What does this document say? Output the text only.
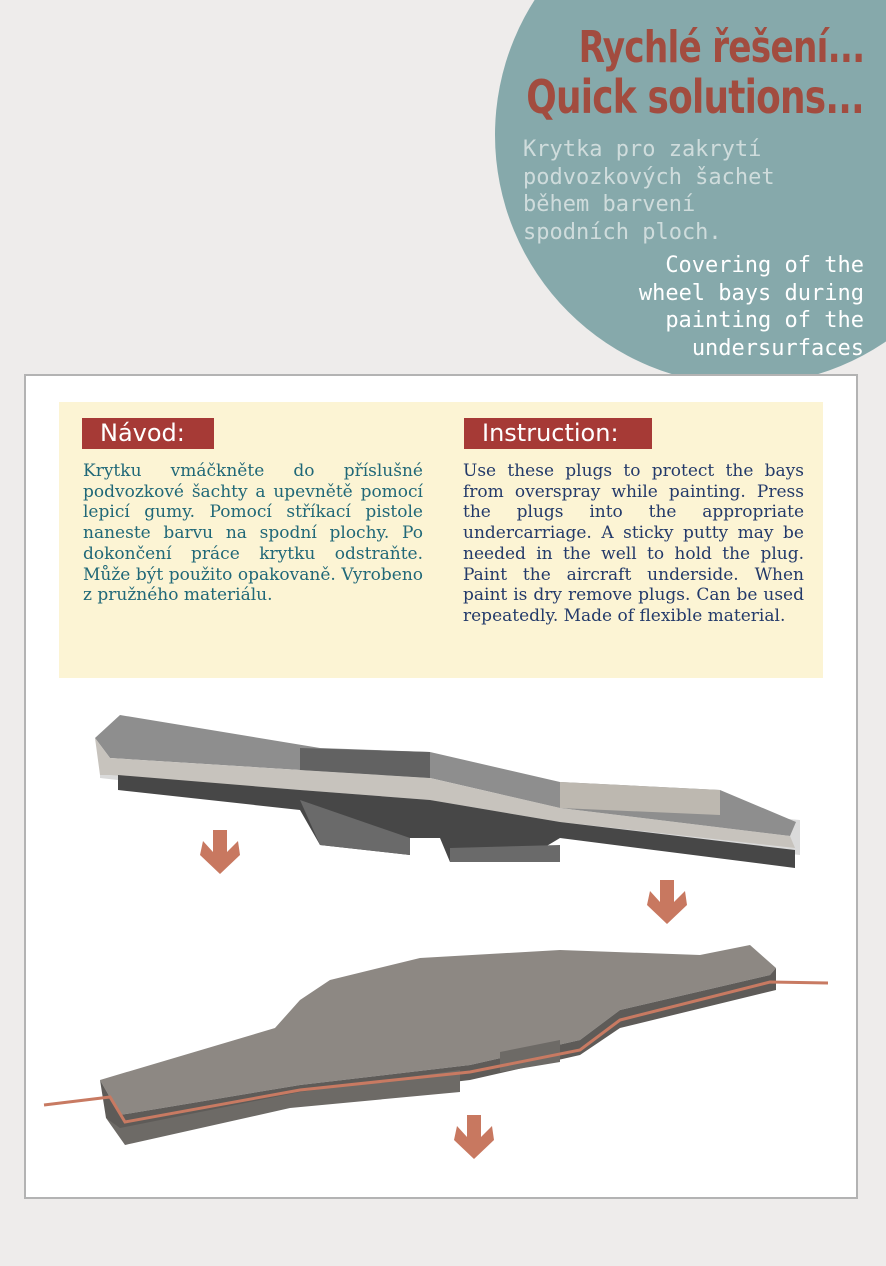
Rychlé řešení...
Quick solutions...
Krytka pro zakrytí
podvozkových šachet
během barvení
spodních ploch.
Covering of the
wheel bays during
painting of the
undersurfaces
Návod:	Instruction:
Krytku vmáčkněte do příslušné podvozkové šachty a upevnětě pomocí lepicí gumy. Pomocí stříkací pistole naneste barvu na spodní plochy. Po dokončení práce krytku odstraňte. Může být použito opakovaně. Vyrobeno z pružného materiálu.
Use these plugs to protect the bays from overspray while painting. Press the plugs into the appropriate undercarriage. A sticky putty may be needed in the well to hold the plug. Paint the aircraft underside. When paint is dry remove plugs. Can be used repeatedly. Made of flexible material.
